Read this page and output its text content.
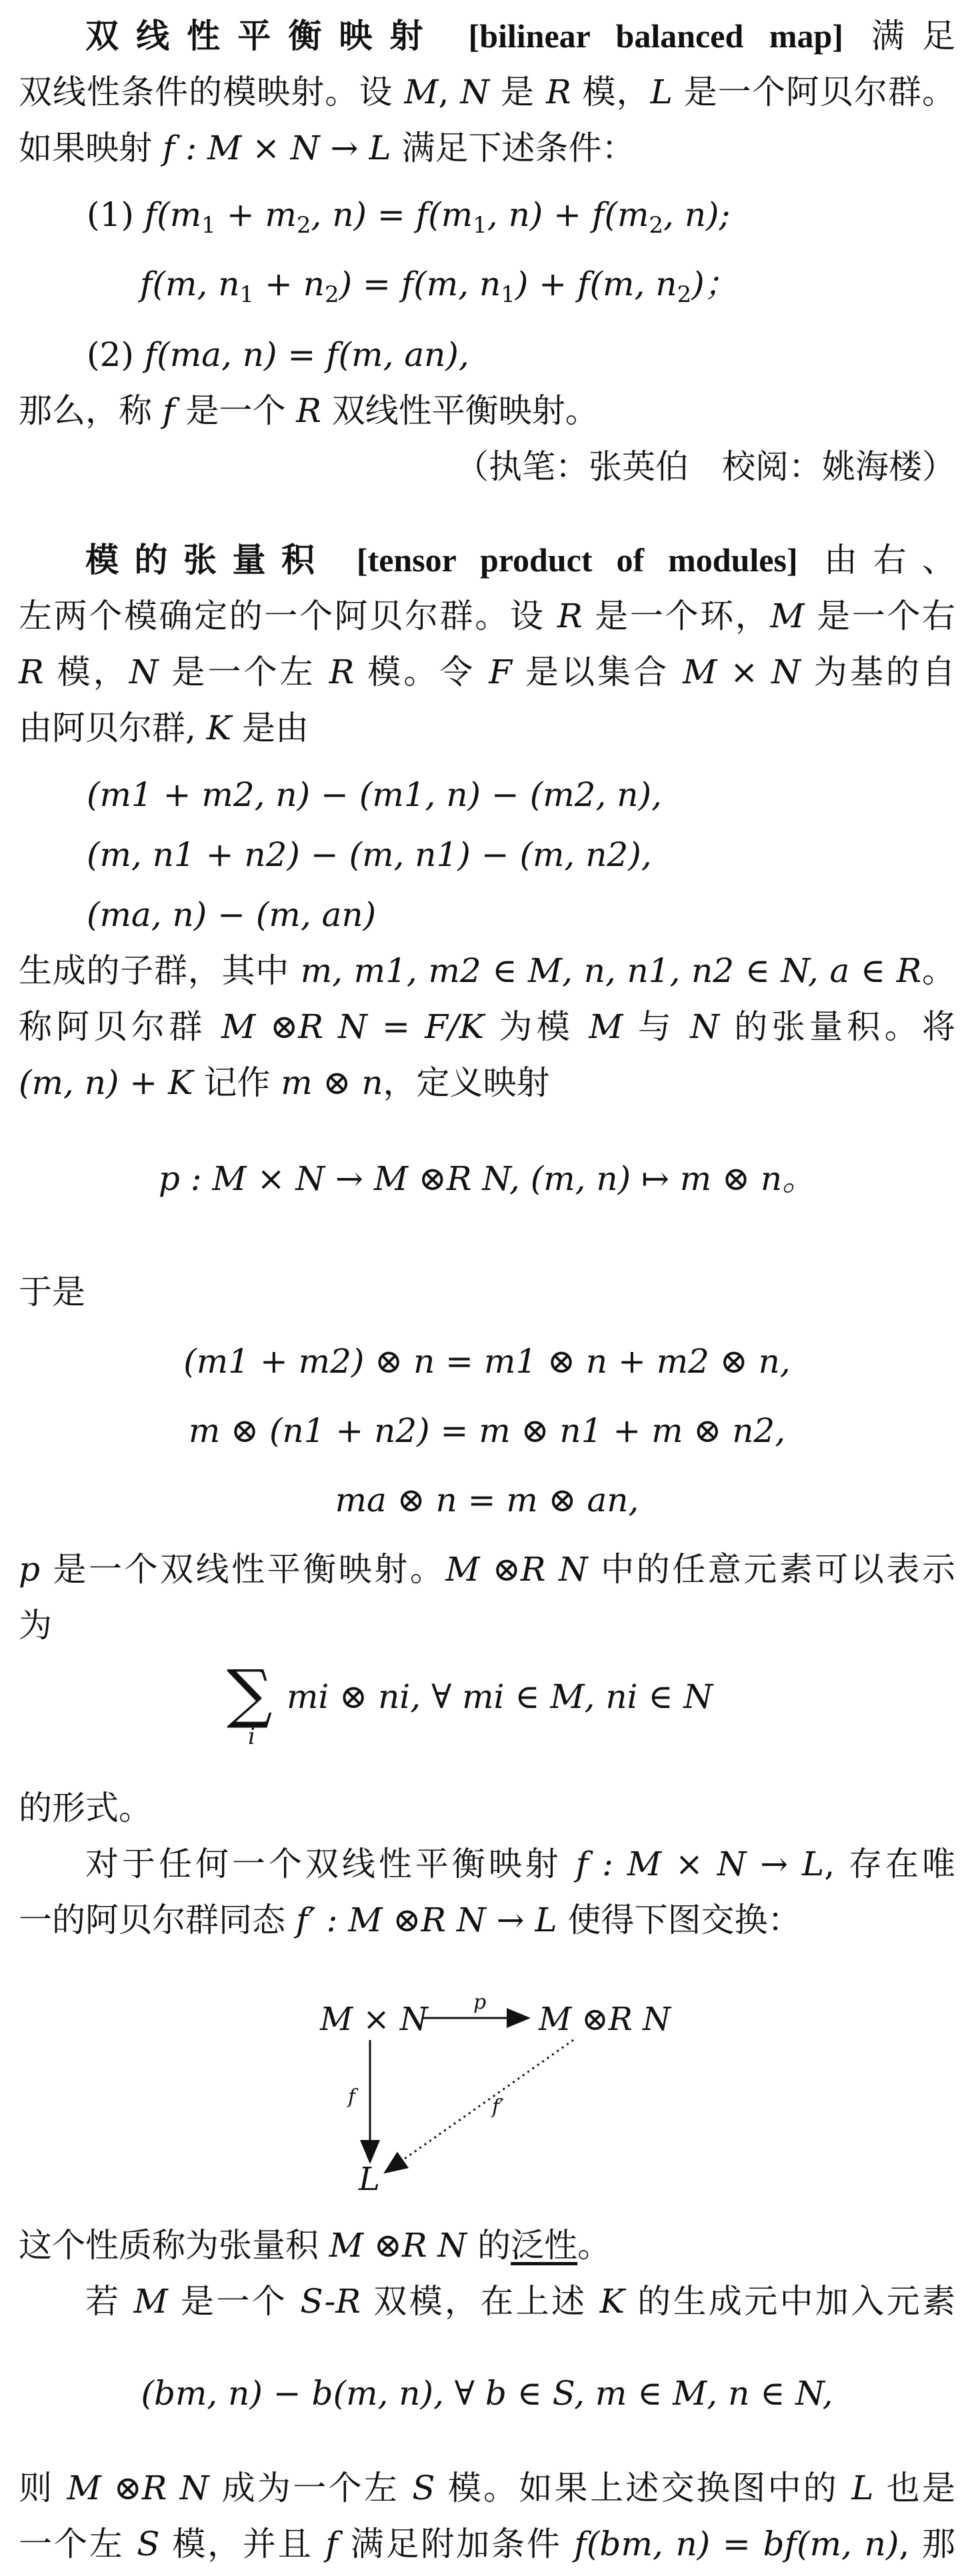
双线性平衡映射 [bilinear balanced map] 满足
双线性条件的模映射。设 M, N 是 R 模，L 是一个阿贝尔群。
如果映射 f : M × N → L 满足下述条件：
(1) $f(m_1 + m_2$, $n) = f(m_1$, $n) + f(m_2$, n);
f(m, $n_1 + n_2) = f(m$, $n_1) + f(m$, $n_2$)；
(2) f(ma, n) = f(m, an),
那么，称 f 是一个 R 双线性平衡映射。
（执笔：张英伯　校阅：姚海楼）
模的张量积 [tensor product of modules] 由右、
左两个模确定的一个阿贝尔群。设 R 是一个环，M 是一个右
R 模，N 是一个左 R 模。令 F 是以集合 M × N 为基的自
由阿贝尔群, K 是由
(m1 + m2, n) − (m1, n) − (m2, n),
(m, n1 + n2) − (m, n1) − (m, n2),
(ma, n) − (m, an)
生成的子群，其中 m, m1, m2 ∈ M, n, n1, n2 ∈ N, a ∈ R。
称阿贝尔群 M ⊗R N = F/K 为模 M 与 N 的张量积。将
(m, n) + K 记作 m ⊗ n，定义映射
p : M × N → M ⊗R N, (m, n) ↦ m ⊗ n。
于是
(m1 + m2) ⊗ n = m1 ⊗ n + m2 ⊗ n,
m ⊗ (n1 + n2) = m ⊗ n1 + m ⊗ n2,
ma ⊗ n = m ⊗ an,
p 是一个双线性平衡映射。M ⊗R N 中的任意元素可以表示
为
∑
i
mi ⊗ ni, ∀ mi ∈ M, ni ∈ N
的形式。
对于任何一个双线性平衡映射 f : M × N → L, 存在唯
一的阿贝尔群同态 f′ : M ⊗R N → L 使得下图交换：
M × N p M ⊗R N
f	f′
L
这个性质称为张量积 M ⊗R N 的泛性。
若 M 是一个 S-R 双模，在上述 K 的生成元中加入元素
(bm, n) − b(m, n), ∀ b ∈ S, m ∈ M, n ∈ N,
则 M ⊗R N 成为一个左 S 模。如果上述交换图中的 L 也是
一个左 S 模，并且 f 满足附加条件 f(bm, n) = bf(m, n), 那
